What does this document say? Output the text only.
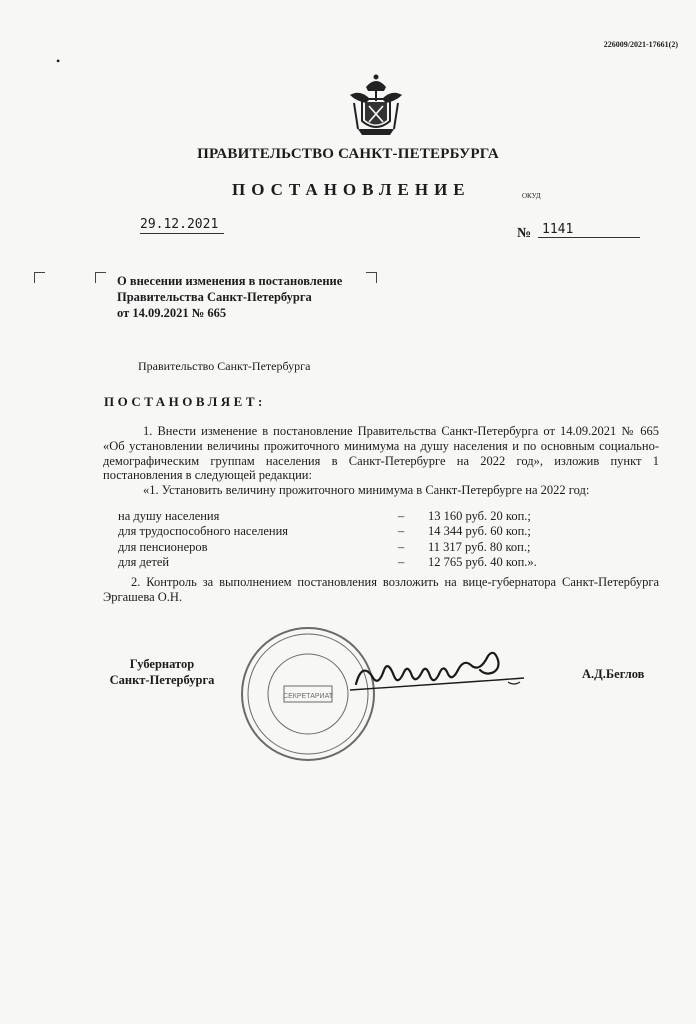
226009/2021-17661(2)
•
ПРАВИТЕЛЬСТВО САНКТ-ПЕТЕРБУРГА
ПОСТАНОВЛЕНИЕ	ОКУД
29.12.2021
№ 1141
О внесении изменения в постановление
Правительства Санкт-Петербурга
от 14.09.2021 № 665
Правительство Санкт-Петербурга
ПОСТАНОВЛЯЕТ:

1. Внести изменение в постановление Правительства Санкт-Петербурга от 14.09.2021 № 665 «Об установлении величины прожиточного минимума на душу населения и по основным социально-демографическим группам населения в Санкт-Петербурге на 2022 год», изложив пункт 1 постановления в следующей редакции:

«1. Установить величину прожиточного минимума в Санкт-Петербурге на 2022 год:

на душу населения	–	13 160 руб. 20 коп.;
для трудоспособного населения	–	14 344 руб. 60 коп.;
для пенсионеров	–	11 317 руб. 80 коп.;
для детей	–	12 765 руб. 40 коп.».

2. Контроль за выполнением постановления возложить на вице-губернатора Санкт-Петербурга Эргашева О.Н.

Губернатор
Санкт-Петербурга
СЕКРЕТАРИАТ
А.Д.Беглов
